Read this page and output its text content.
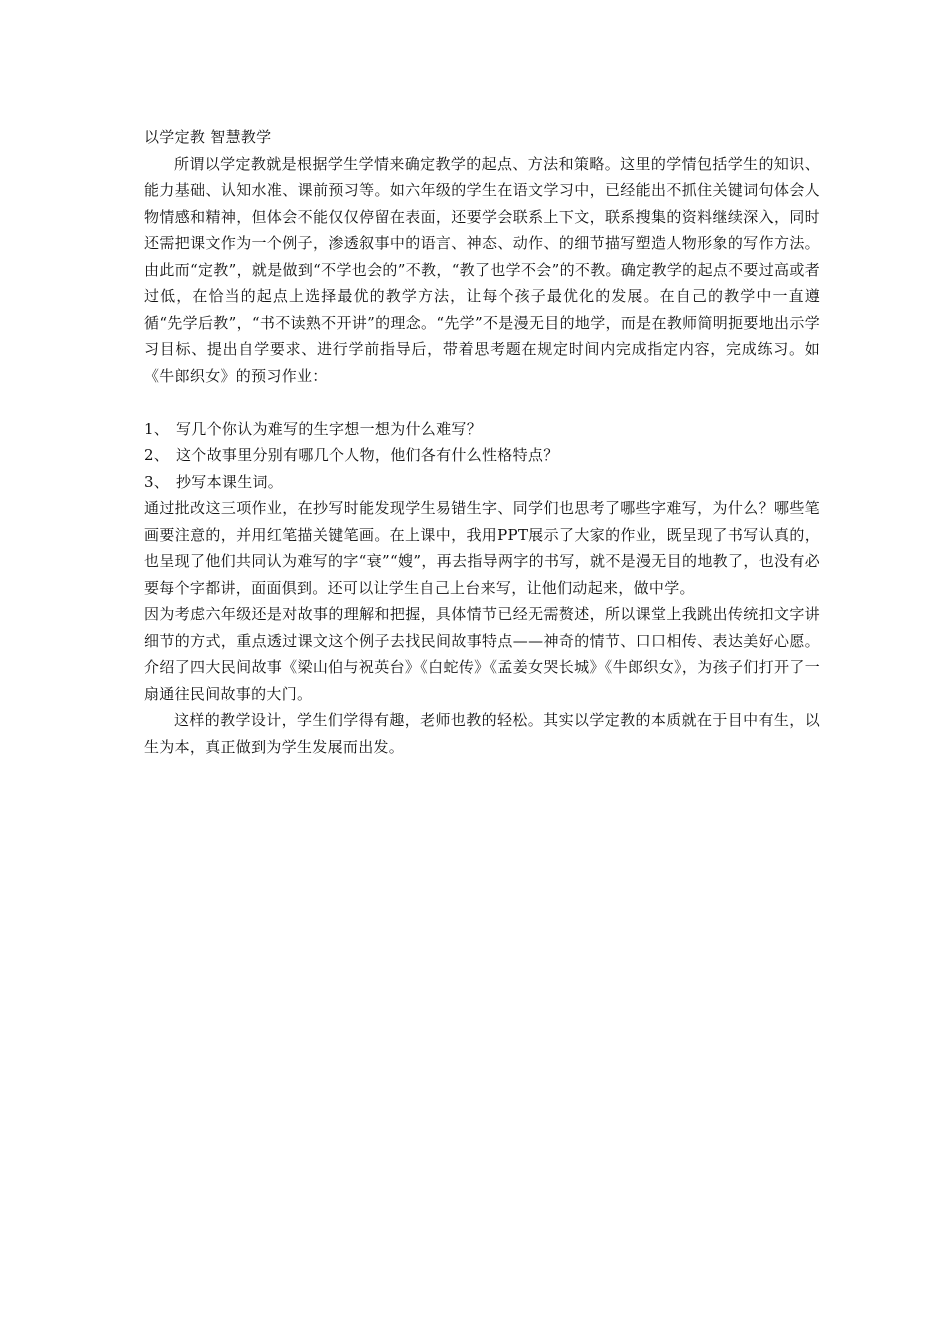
以学定教 智慧教学

所谓以学定教就是根据学生学情来确定教学的起点、方法和策略。这里的学情包括学生的知识、能力基础、认知水准、课前预习等。如六年级的学生在语文学习中，已经能出不抓住关键词句体会人物情感和精神，但体会不能仅仅停留在表面，还要学会联系上下文，联系搜集的资料继续深入，同时还需把课文作为一个例子，渗透叙事中的语言、神态、动作、的细节描写塑造人物形象的写作方法。由此而“定教”，就是做到“不学也会的”不教，“教了也学不会”的不教。确定教学的起点不要过高或者过低，在恰当的起点上选择最优的教学方法，让每个孩子最优化的发展。在自己的教学中一直遵循“先学后教”，“书不读熟不开讲”的理念。“先学”不是漫无目的地学，而是在教师简明扼要地出示学习目标、提出自学要求、进行学前指导后，带着思考题在规定时间内完成指定内容，完成练习。如《牛郎织女》的预习作业：

1、 写几个你认为难写的生字想一想为什么难写？

2、 这个故事里分别有哪几个人物，他们各有什么性格特点？

3、 抄写本课生词。

通过批改这三项作业，在抄写时能发现学生易错生字、同学们也思考了哪些字难写，为什么？哪些笔画要注意的，并用红笔描关键笔画。在上课中，我用PPT展示了大家的作业，既呈现了书写认真的，也呈现了他们共同认为难写的字“衰”“嫂”，再去指导两字的书写，就不是漫无目的地教了，也没有必要每个字都讲，面面俱到。还可以让学生自己上台来写，让他们动起来，做中学。

因为考虑六年级还是对故事的理解和把握，具体情节已经无需赘述，所以课堂上我跳出传统扣文字讲细节的方式，重点透过课文这个例子去找民间故事特点——神奇的情节、口口相传、表达美好心愿。介绍了四大民间故事《梁山伯与祝英台》《白蛇传》《孟姜女哭长城》《牛郎织女》，为孩子们打开了一扇通往民间故事的大门。

这样的教学设计，学生们学得有趣，老师也教的轻松。其实以学定教的本质就在于目中有生，以生为本，真正做到为学生发展而出发。
